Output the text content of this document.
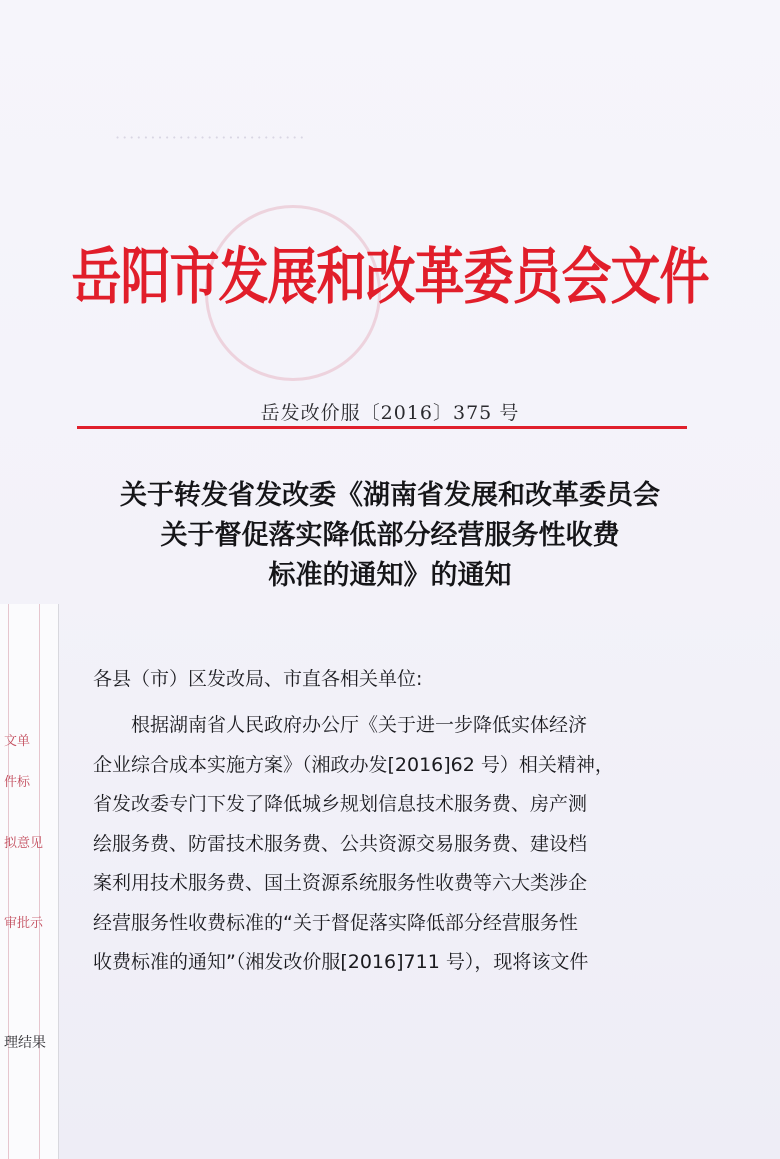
···························
岳阳市发展和改革委员会文件
岳发改价服〔2016〕375 号
关于转发省发改委《湖南省发展和改革委员会
关于督促落实降低部分经营服务性收费
标准的通知》的通知
各县（市）区发改局、市直各相关单位:

根据湖南省人民政府办公厅《关于进一步降低实体经济

企业综合成本实施方案》（湘政办发[2016]62 号）相关精神，

省发改委专门下发了降低城乡规划信息技术服务费、房产测

绘服务费、防雷技术服务费、公共资源交易服务费、建设档

案利用技术服务费、国土资源系统服务性收费等六大类涉企

经营服务性收费标准的“关于督促落实降低部分经营服务性

收费标准的通知”（湘发改价服[2016]711 号），现将该文件

文单
件标
拟意见
审批示
理结果
